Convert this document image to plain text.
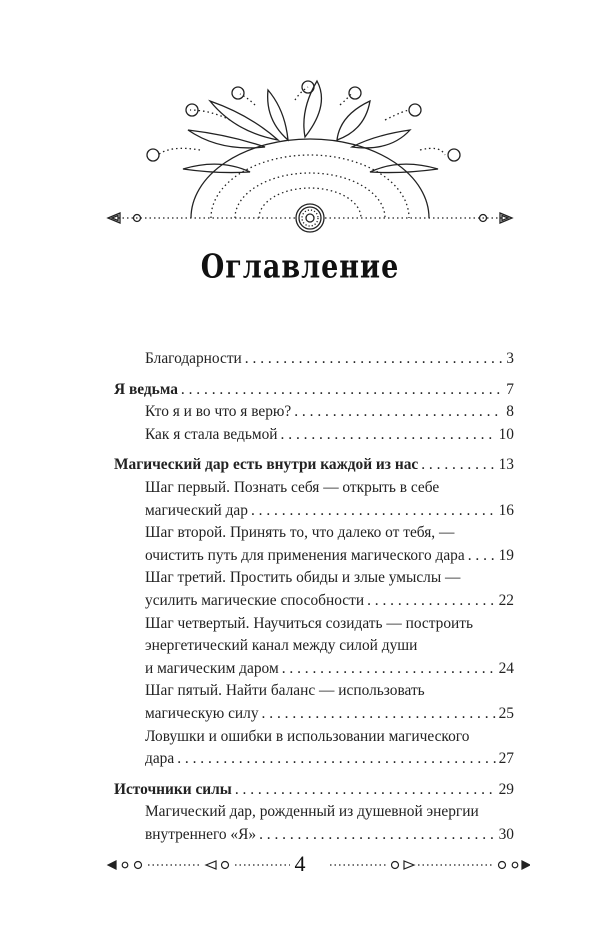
Оглавление
Благодарности . . .	3
Я ведьма . . .	7
Кто я и во что я верю? . . .	8
Как я стала ведьмой . . .	10
Магический дар есть внутри каждой из нас . . .	13
Шаг первый. Познать себя — открыть в себе
магический дар . . .	16
Шаг второй. Принять то, что далеко от тебя, —
очистить путь для применения магического дара . . . 19
Шаг третий. Простить обиды и злые умыслы —
усилить магические способности . . .	22
Шаг четвертый. Научиться созидать — построить
энергетический канал между силой души
и магическим даром . . .	24
Шаг пятый. Найти баланс — использовать
магическую силу . . .	25
Ловушки и ошибки в использовании магического
дара . . .	27
Источники силы . . .	29
Магический дар, рожденный из душевной энергии
внутреннего «Я» . . .	30
4
